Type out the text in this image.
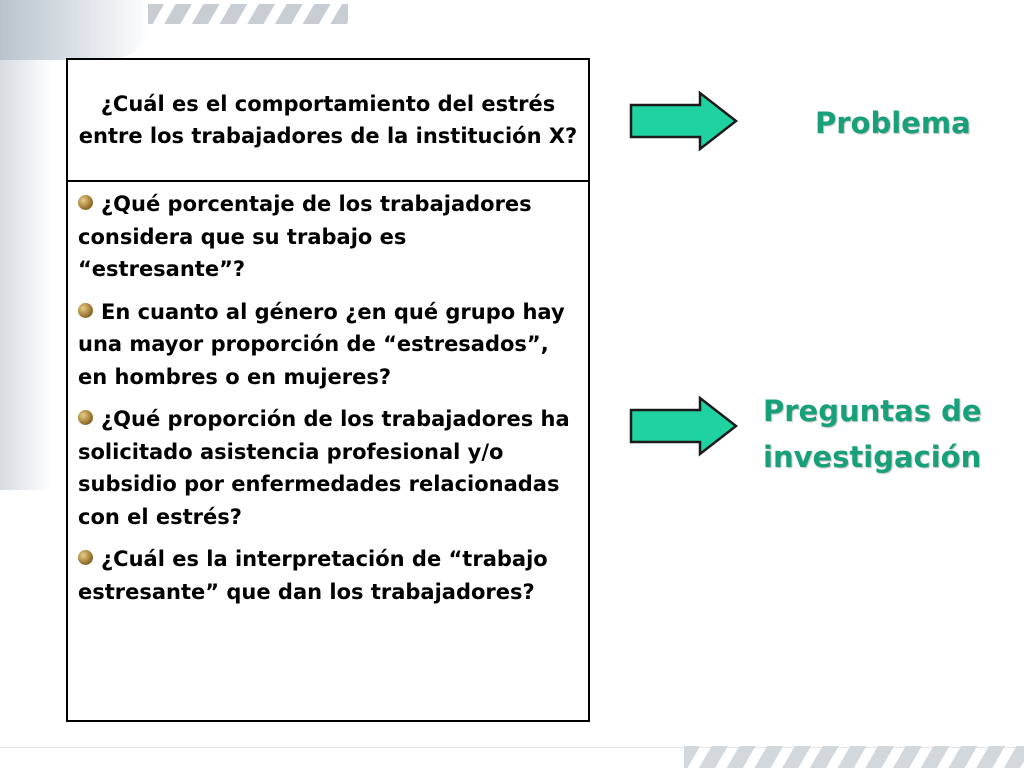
¿Cuál es el comportamiento del estrés entre los trabajadores de la institución X?
¿Qué porcentaje de los trabajadores considera que su trabajo es “estresante”?
En cuanto al género ¿en qué grupo hay una mayor proporción de “estresados”, en hombres o en mujeres?
¿Qué proporción de los trabajadores ha solicitado asistencia profesional y/o subsidio por enfermedades relacionadas con el estrés?
¿Cuál es la interpretación de “trabajo estresante” que dan los trabajadores?
Problema
Preguntas de
investigación
